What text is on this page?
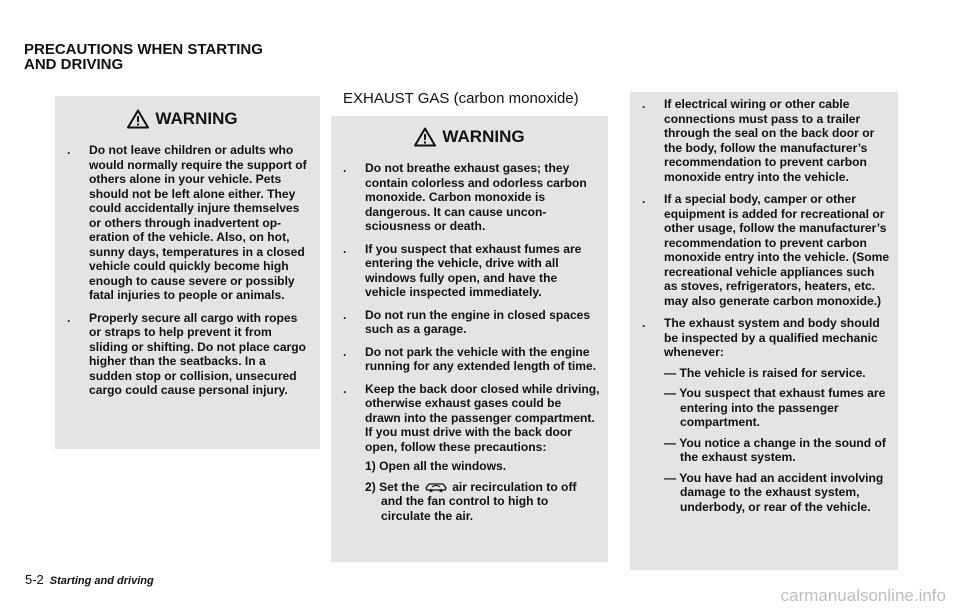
PRECAUTIONS WHEN STARTING
AND DRIVING
WARNING
. Do not leave children or adults who would normally require the support of others alone in your vehicle. Pets should not be left alone either. They could accidentally injure themselves or others through inadvertent operation of the vehicle. Also, on hot, sunny days, temperatures in a closed vehicle could quickly become high enough to cause severe or possibly fatal injuries to people or animals.
. Properly secure all cargo with ropes or straps to help prevent it from sliding or shifting. Do not place cargo higher than the seatbacks. In a sudden stop or collision, unsecured cargo could cause personal injury.
EXHAUST GAS (carbon monoxide)
WARNING
. Do not breathe exhaust gases; they contain colorless and odorless carbon monoxide. Carbon monoxide is dangerous. It can cause unconsciousness or death.
. If you suspect that exhaust fumes are entering the vehicle, drive with all windows fully open, and have the vehicle inspected immediately.
. Do not run the engine in closed spaces such as a garage.
. Do not park the vehicle with the engine running for any extended length of time.
. Keep the back door closed while driving, otherwise exhaust gases could be drawn into the passenger compartment. If you must drive with the back door open, follow these precautions:
1) Open all the windows.
2) Set the	air recirculation to off and the fan control to high to circulate the air.
. If electrical wiring or other cable connections must pass to a trailer through the seal on the back door or the body, follow the manufacturer’s recommendation to prevent carbon monoxide entry into the vehicle.
. If a special body, camper or other equipment is added for recreational or other usage, follow the manufacturer’s recommendation to prevent carbon monoxide entry into the vehicle. (Some recreational vehicle appliances such as stoves, refrigerators, heaters, etc. may also generate carbon monoxide.)
. The exhaust system and body should be inspected by a qualified mechanic whenever:
— The vehicle is raised for service.
— You suspect that exhaust fumes are entering into the passenger compartment.
— You notice a change in the sound of the exhaust system.
— You have had an accident involving damage to the exhaust system, underbody, or rear of the vehicle.
5-2 Starting and driving
carmanualsonline.info
